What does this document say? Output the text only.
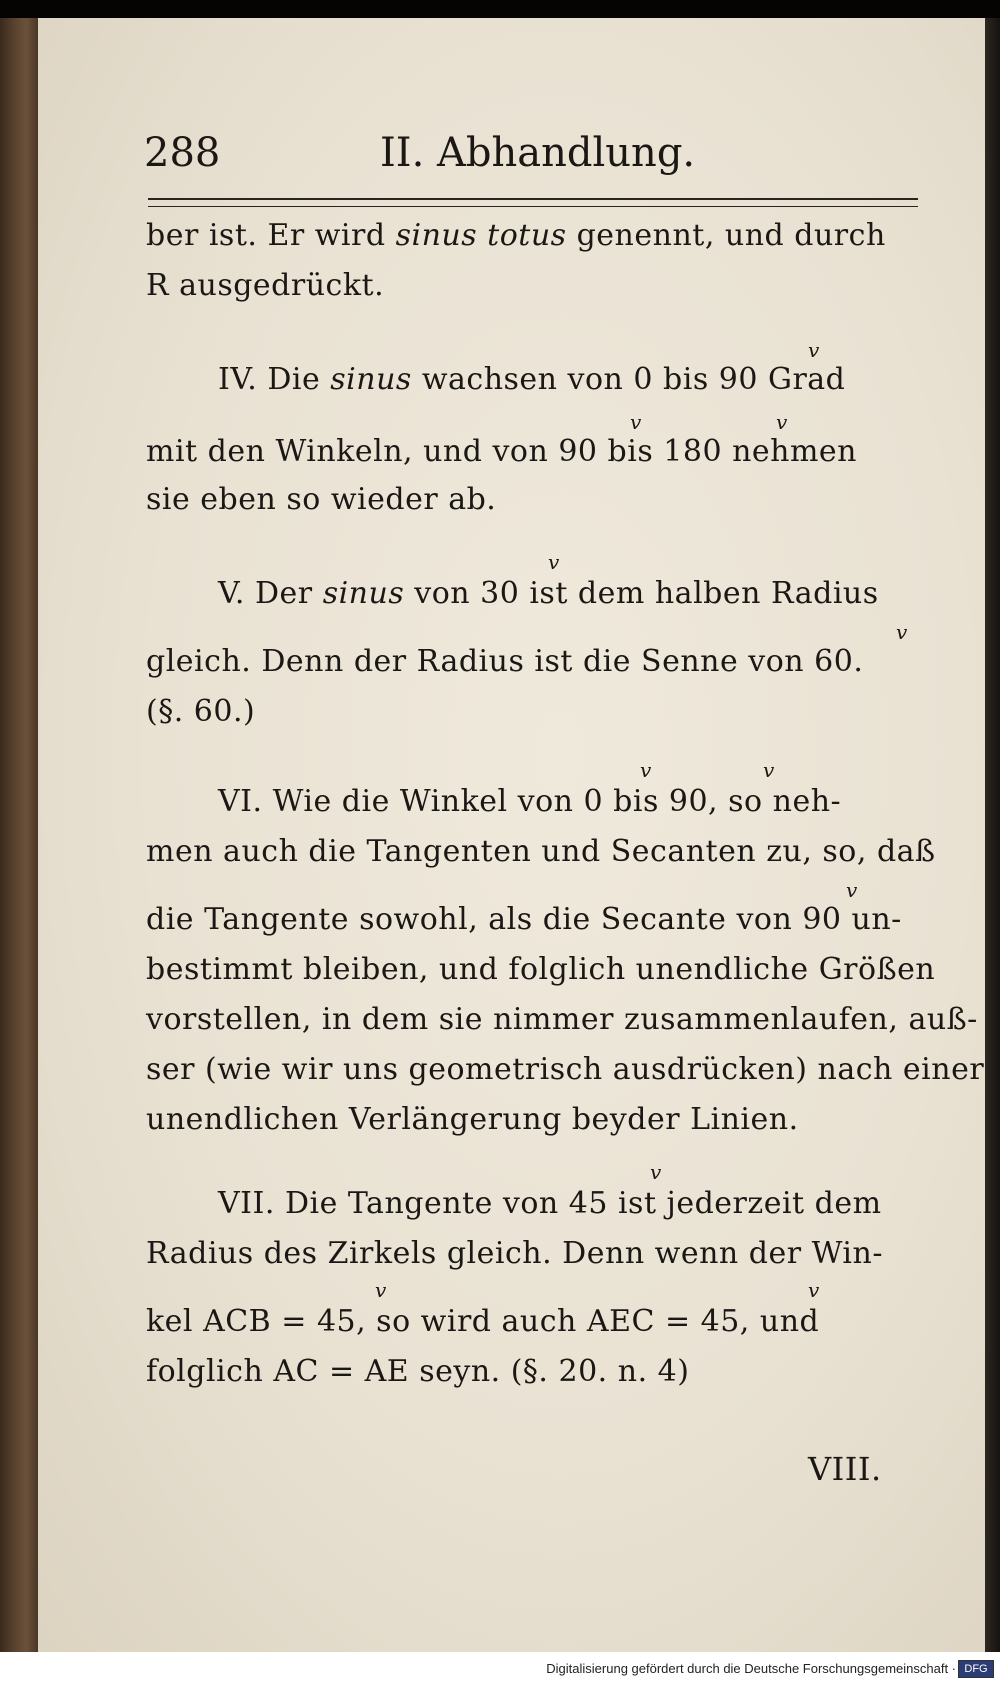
288	II. Abhandlung.
ber ist. Er wird sinus totus genennt, und durch
R ausgedrückt.
v
IV. Die sinus wachsen von 0 bis 90 Grad
v	v
mit den Winkeln, und von 90 bis 180 nehmen
sie eben so wieder ab.
v
V. Der sinus von 30 ist dem halben Radius
v
gleich. Denn der Radius ist die Senne von 60.
(§. 60.)
v	v
VI. Wie die Winkel von 0 bis 90, so neh-
men auch die Tangenten und Secanten zu, so, daß
v
die Tangente sowohl, als die Secante von 90 un-
bestimmt bleiben, und folglich unendliche Größen
vorstellen, in dem sie nimmer zusammenlaufen, auß-
ser (wie wir uns geometrisch ausdrücken) nach einer
unendlichen Verlängerung beyder Linien.
v
VII. Die Tangente von 45 ist jederzeit dem
Radius des Zirkels gleich. Denn wenn der Win-
v	v
kel ACB = 45, so wird auch AEC = 45, und
folglich AC = AE seyn. (§. 20. n. 4)
VIII.
Digitalisierung gefördert durch die Deutsche Forschungsgemeinschaft · DFG
